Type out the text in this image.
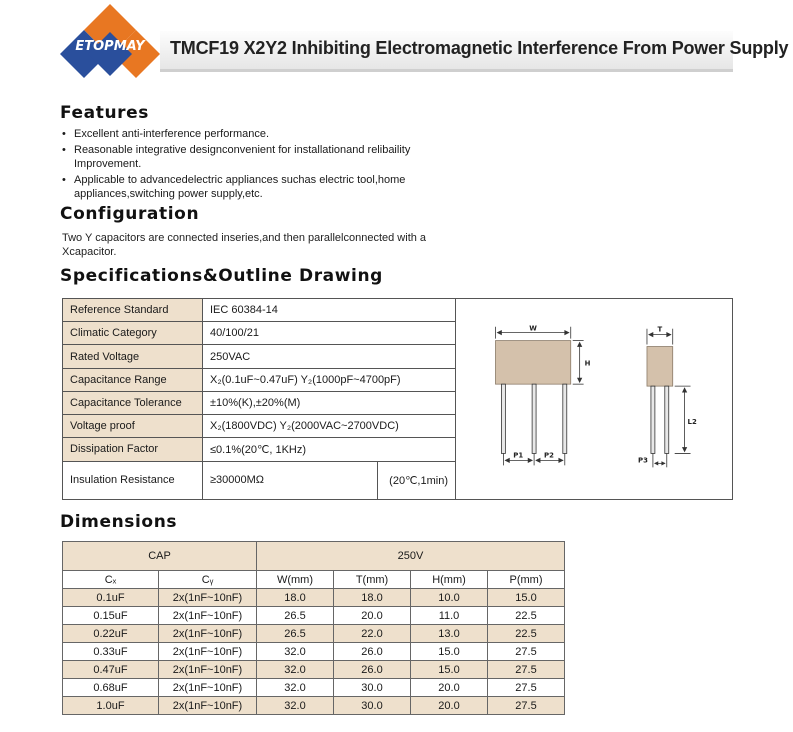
ETOPMAY TMCF19 X2Y2 Inhibiting Electromagnetic Interference From Power Supply
Features
• Excellent anti-interference performance.
• Reasonable integrative designconvenient for installationand relibaility Improvement.
• Applicable to advancedelectric appliances suchas electric tool,home appliances,switching power supply,etc.
Configuration
Two Y capacitors are connected inseries,and then parallelconnected with a Xcapacitor.
Specifications&Outline Drawing
Reference Standard	IEC 60384-14	
Climatic Category	40/100/21	
Rated Voltage	250VAC	
Capacitance Range	X₂(0.1uF~0.47uF) Y₂(1000pF~4700pF)	
Capacitance Tolerance	±10%(K),±20%(M)	
Voltage proof	X₂(1800VDC) Y₂(2000VAC~2700VDC)	
Dissipation Factor	≤0.1%(20℃, 1KHz)	
Insulation Resistance	≥30000MΩ	(20℃,1min)
W
H
T
L2
P1	P2
P3
Dimensions
CAP		250V			
Cₓ	Cᵧ	W(mm)	T(mm)	H(mm)	P(mm)
0.1uF	2x(1nF~10nF)	18.0	18.0	10.0	15.0
0.15uF	2x(1nF~10nF)	26.5	20.0	11.0	22.5
0.22uF	2x(1nF~10nF)	26.5	22.0	13.0	22.5
0.33uF	2x(1nF~10nF)	32.0	26.0	15.0	27.5
0.47uF	2x(1nF~10nF)	32.0	26.0	15.0	27.5
0.68uF	2x(1nF~10nF)	32.0	30.0	20.0	27.5
1.0uF	2x(1nF~10nF)	32.0	30.0	20.0	27.5
